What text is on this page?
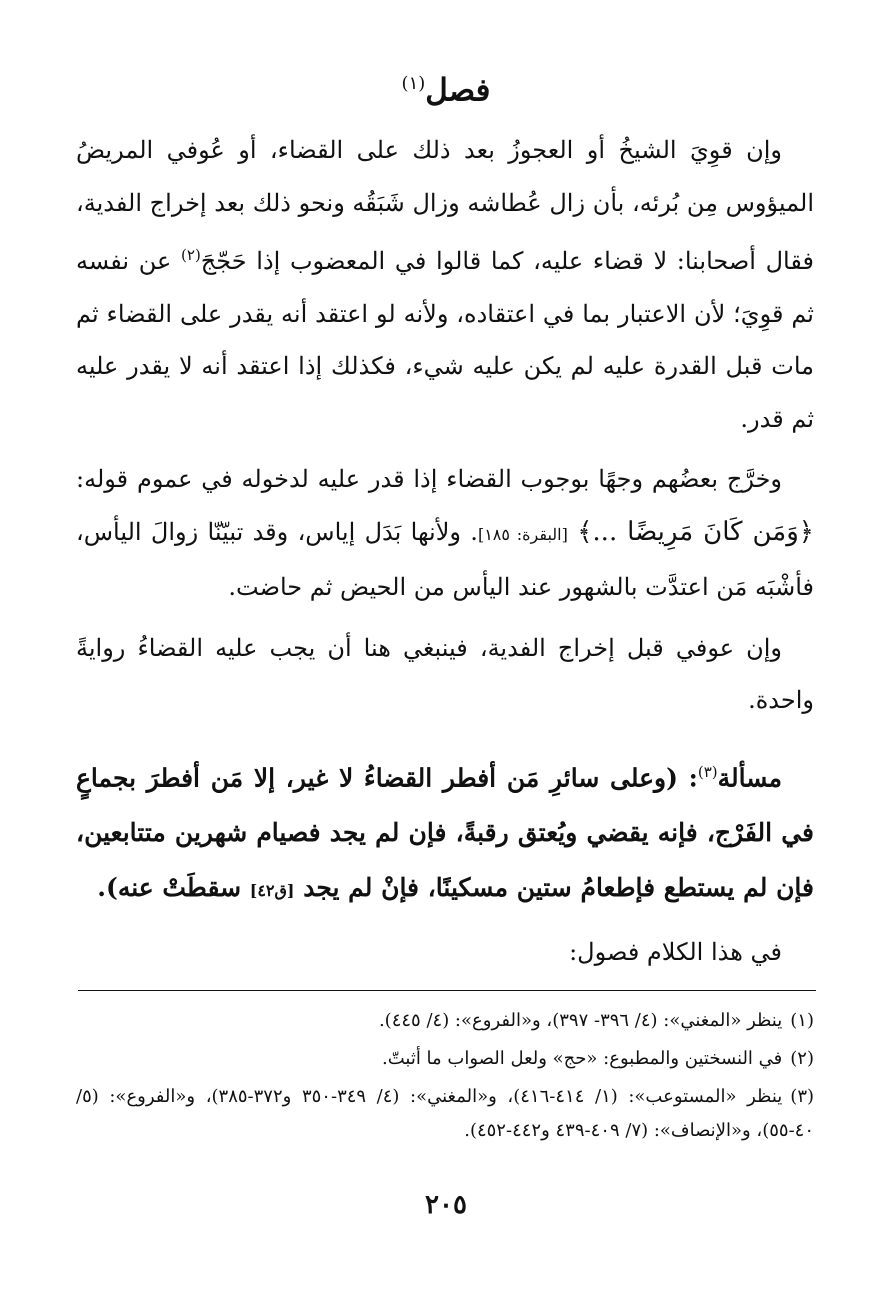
فصل$^{(١)}$

وإن قوِيَ الشيخُ أو العجوزُ بعد ذلك على القضاء، أو عُوفي المريضُ الميؤوس مِن بُرئه، بأن زال عُطاشه وزال شَبَقُه ونحو ذلك بعد إخراج الفدية، فقال أصحابنا: لا قضاء عليه، كما قالوا في المعضوب إذا حَجّجَ$^{(٢)}$ عن نفسه ثم قوِيَ؛ لأن الاعتبار بما في اعتقاده، ولأنه لو اعتقد أنه يقدر على القضاء ثم مات قبل القدرة عليه لم يكن عليه شيء، فكذلك إذا اعتقد أنه لا يقدر عليه ثم قدر.

وخرَّج بعضُهم وجهًا بوجوب القضاء إذا قدر عليه لدخوله في عموم قوله: ﴿وَمَن كَانَ مَرِيضًا ...﴾ [البقرة: ١٨٥]. ولأنها بَدَل إياس، وقد تبيّنّا زوالَ اليأس، فأشْبَه مَن اعتدَّت بالشهور عند اليأس من الحيض ثم حاضت.

وإن عوفي قبل إخراج الفدية، فينبغي هنا أن يجب عليه القضاءُ روايةً واحدة.

مسألة$^{(٣)}$: (وعلى سائرِ مَن أفطر القضاءُ لا غير، إلا مَن أفطرَ بجماعٍ في الفَرْج، فإنه يقضي ويُعتق رقبةً، فإن لم يجد فصيام شهرين متتابعين، فإن لم يستطع فإطعامُ ستين مسكينًا، فإنْ لم يجد [ق٤٢] سقطَتْ عنه).

في هذا الكلام فصول:

(١)ينظر «المغني»: (٤/ ٣٩٦- ٣٩٧)، و«الفروع»: (٤/ ٤٤٥).
(٢)في النسختين والمطبوع: «حج» ولعل الصواب ما أثبتّ.
(٣)ينظر «المستوعب»: (١/ ٤١٤-٤١٦)، و«المغني»: (٤/ ٣٤٩-٣٥٠ و٣٧٢-٣٨٥)، و«الفروع»: (٥/ ٤٠-٥٥)، و«الإنصاف»: (٧/ ٤٠٩-٤٣٩ و٤٤٢-٤٥٢).
٢٠٥
